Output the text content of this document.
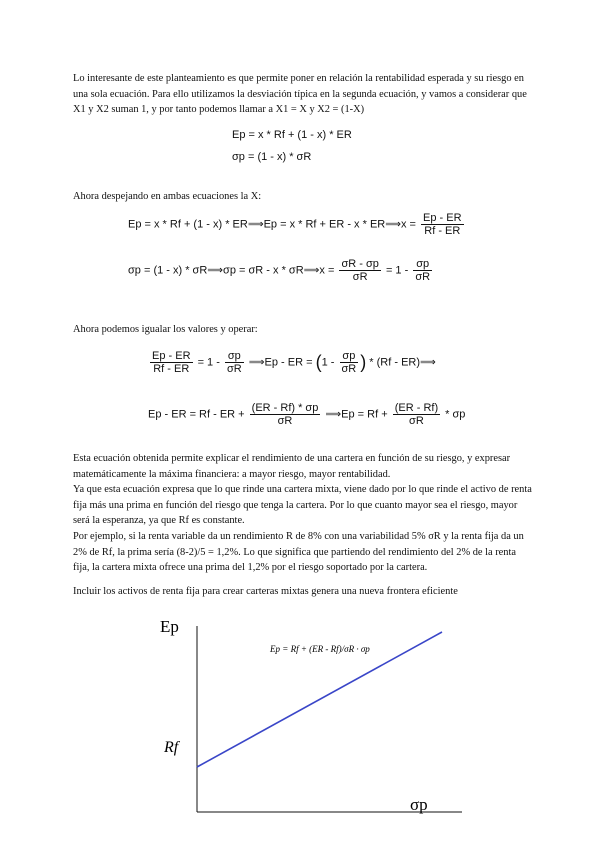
Lo interesante de este planteamiento es que permite poner en relación la rentabilidad esperada y su riesgo en una sola ecuación. Para ello utilizamos la desviación típica en la segunda ecuación, y vamos a considerar que X1 y X2 suman 1, y por tanto podemos llamar a X1 = X y X2 = (1-X)

Ep = x * Rf + (1 - x) * ER
σp = (1 - x) * σR

Ahora despejando en ambas ecuaciones la X:

Ep = x * Rf + (1 - x) * ER⟹Ep = x * Rf + ER - x * ER⟹x = $\frac{Ep - ER}{Rf - ER}$
σp = (1 - x) * σR⟹σp = σR - x * σR⟹x = $\frac{\sigma R - \sigma p}{\sigma R} = 1 - \frac{\sigma p}{\sigma R}$

Ahora podemos igualar los valores y operar:

$\frac{Ep - ER}{Rf - ER} = 1 - \frac{\sigma p}{\sigma R}$ ⟹Ep - ER = ($1 - \frac{\sigma p}{\sigma R}$ ) * (Rf - ER)⟹
Ep - ER = Rf - ER + $\frac{(ER - Rf) * \sigma p}{\sigma R}$ ⟹Ep = $Rf + \frac{(ER - Rf)}{\sigma R} * \sigma p$

Esta ecuación obtenida permite explicar el rendimiento de una cartera en función de su riesgo, y expresar matemáticamente la máxima financiera: a mayor riesgo, mayor rentabilidad.

Ya que esta ecuación expresa que lo que rinde una cartera mixta, viene dado por lo que rinde el activo de renta fija más una prima en función del riesgo que tenga la cartera. Por lo que cuanto mayor sea el riesgo, mayor será la esperanza, ya que Rf es constante.

Por ejemplo, si la renta variable da un rendimiento R de 8% con una variabilidad 5% σR y la renta fija da un 2% de Rf, la prima sería (8-2)/5 = 1,2%. Lo que significa que partiendo del rendimiento del 2% de la renta fija, la cartera mixta ofrece una prima del 1,2% por el riesgo soportado por la cartera.

Incluir los activos de renta fija para crear carteras mixtas genera una nueva frontera eficiente

Ep
σp
Rf
Ep = Rf + (ER - Rf)/σR · σp
